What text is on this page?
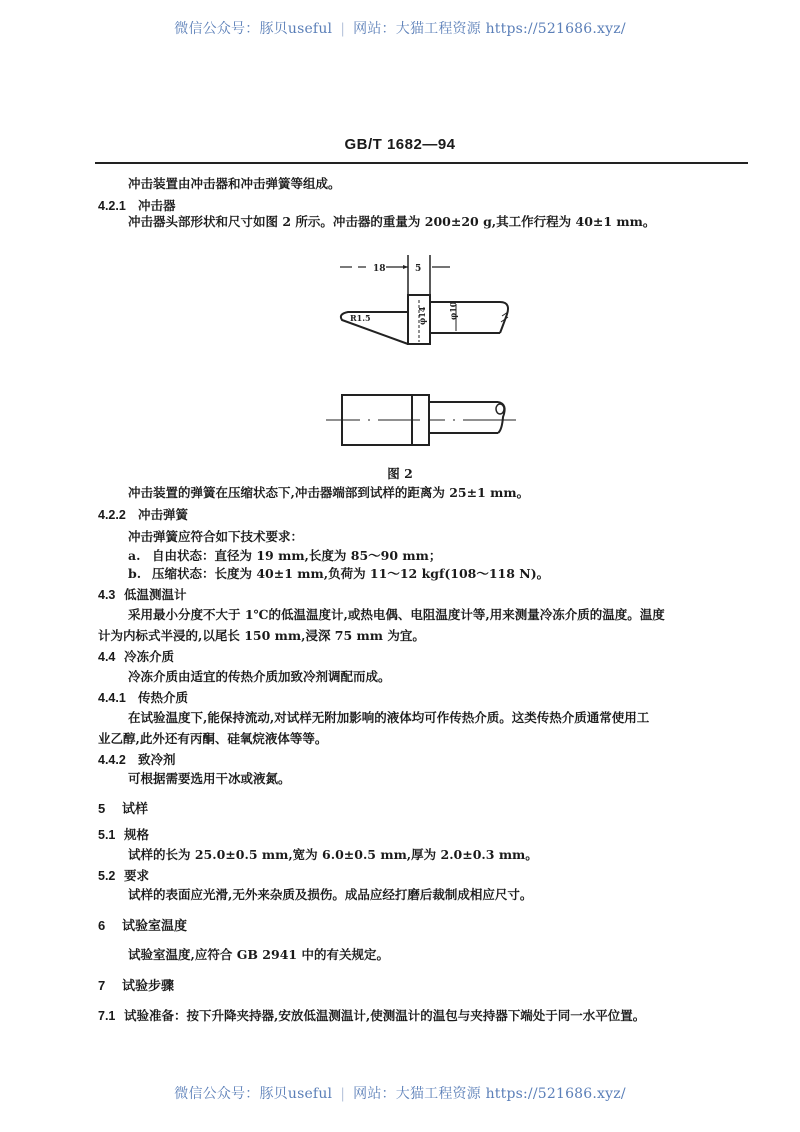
微信公众号：豚贝useful | 网站：大猫工程资源 https://521686.xyz/
GB/T 1682—94
冲击装置由冲击器和冲击弹簧等组成。
4.2.1 冲击器
冲击器头部形状和尺寸如图 2 所示。冲击器的重量为 200±20 g,其工作行程为 40±1 mm。
18	5
φ14
R1.5	φ10
图 2
冲击装置的弹簧在压缩状态下,冲击器端部到试样的距离为 25±1 mm。
4.2.2 冲击弹簧
冲击弹簧应符合如下技术要求：
a. 自由状态：直径为 19 mm,长度为 85～90 mm；
b. 压缩状态：长度为 40±1 mm,负荷为 11～12 kgf(108～118 N)。
4.3 低温测温计
采用最小分度不大于 1℃的低温温度计,或热电偶、电阻温度计等,用来测量冷冻介质的温度。温度
计为内标式半浸的,以尾长 150 mm,浸深 75 mm 为宜。
4.4 冷冻介质
冷冻介质由适宜的传热介质加致冷剂调配而成。
4.4.1 传热介质
在试验温度下,能保持流动,对试样无附加影响的液体均可作传热介质。这类传热介质通常使用工
业乙醇,此外还有丙酮、硅氧烷液体等等。
4.4.2 致冷剂
可根据需要选用干冰或液氮。
5 试样
5.1 规格
试样的长为 25.0±0.5 mm,宽为 6.0±0.5 mm,厚为 2.0±0.3 mm。
5.2 要求
试样的表面应光滑,无外来杂质及损伤。成品应经打磨后裁制成相应尺寸。
6 试验室温度
试验室温度,应符合 GB 2941 中的有关规定。
7 试验步骤
7.1 试验准备：按下升降夹持器,安放低温测温计,使测温计的温包与夹持器下端处于同一水平位置。
微信公众号：豚贝useful | 网站：大猫工程资源 https://521686.xyz/
